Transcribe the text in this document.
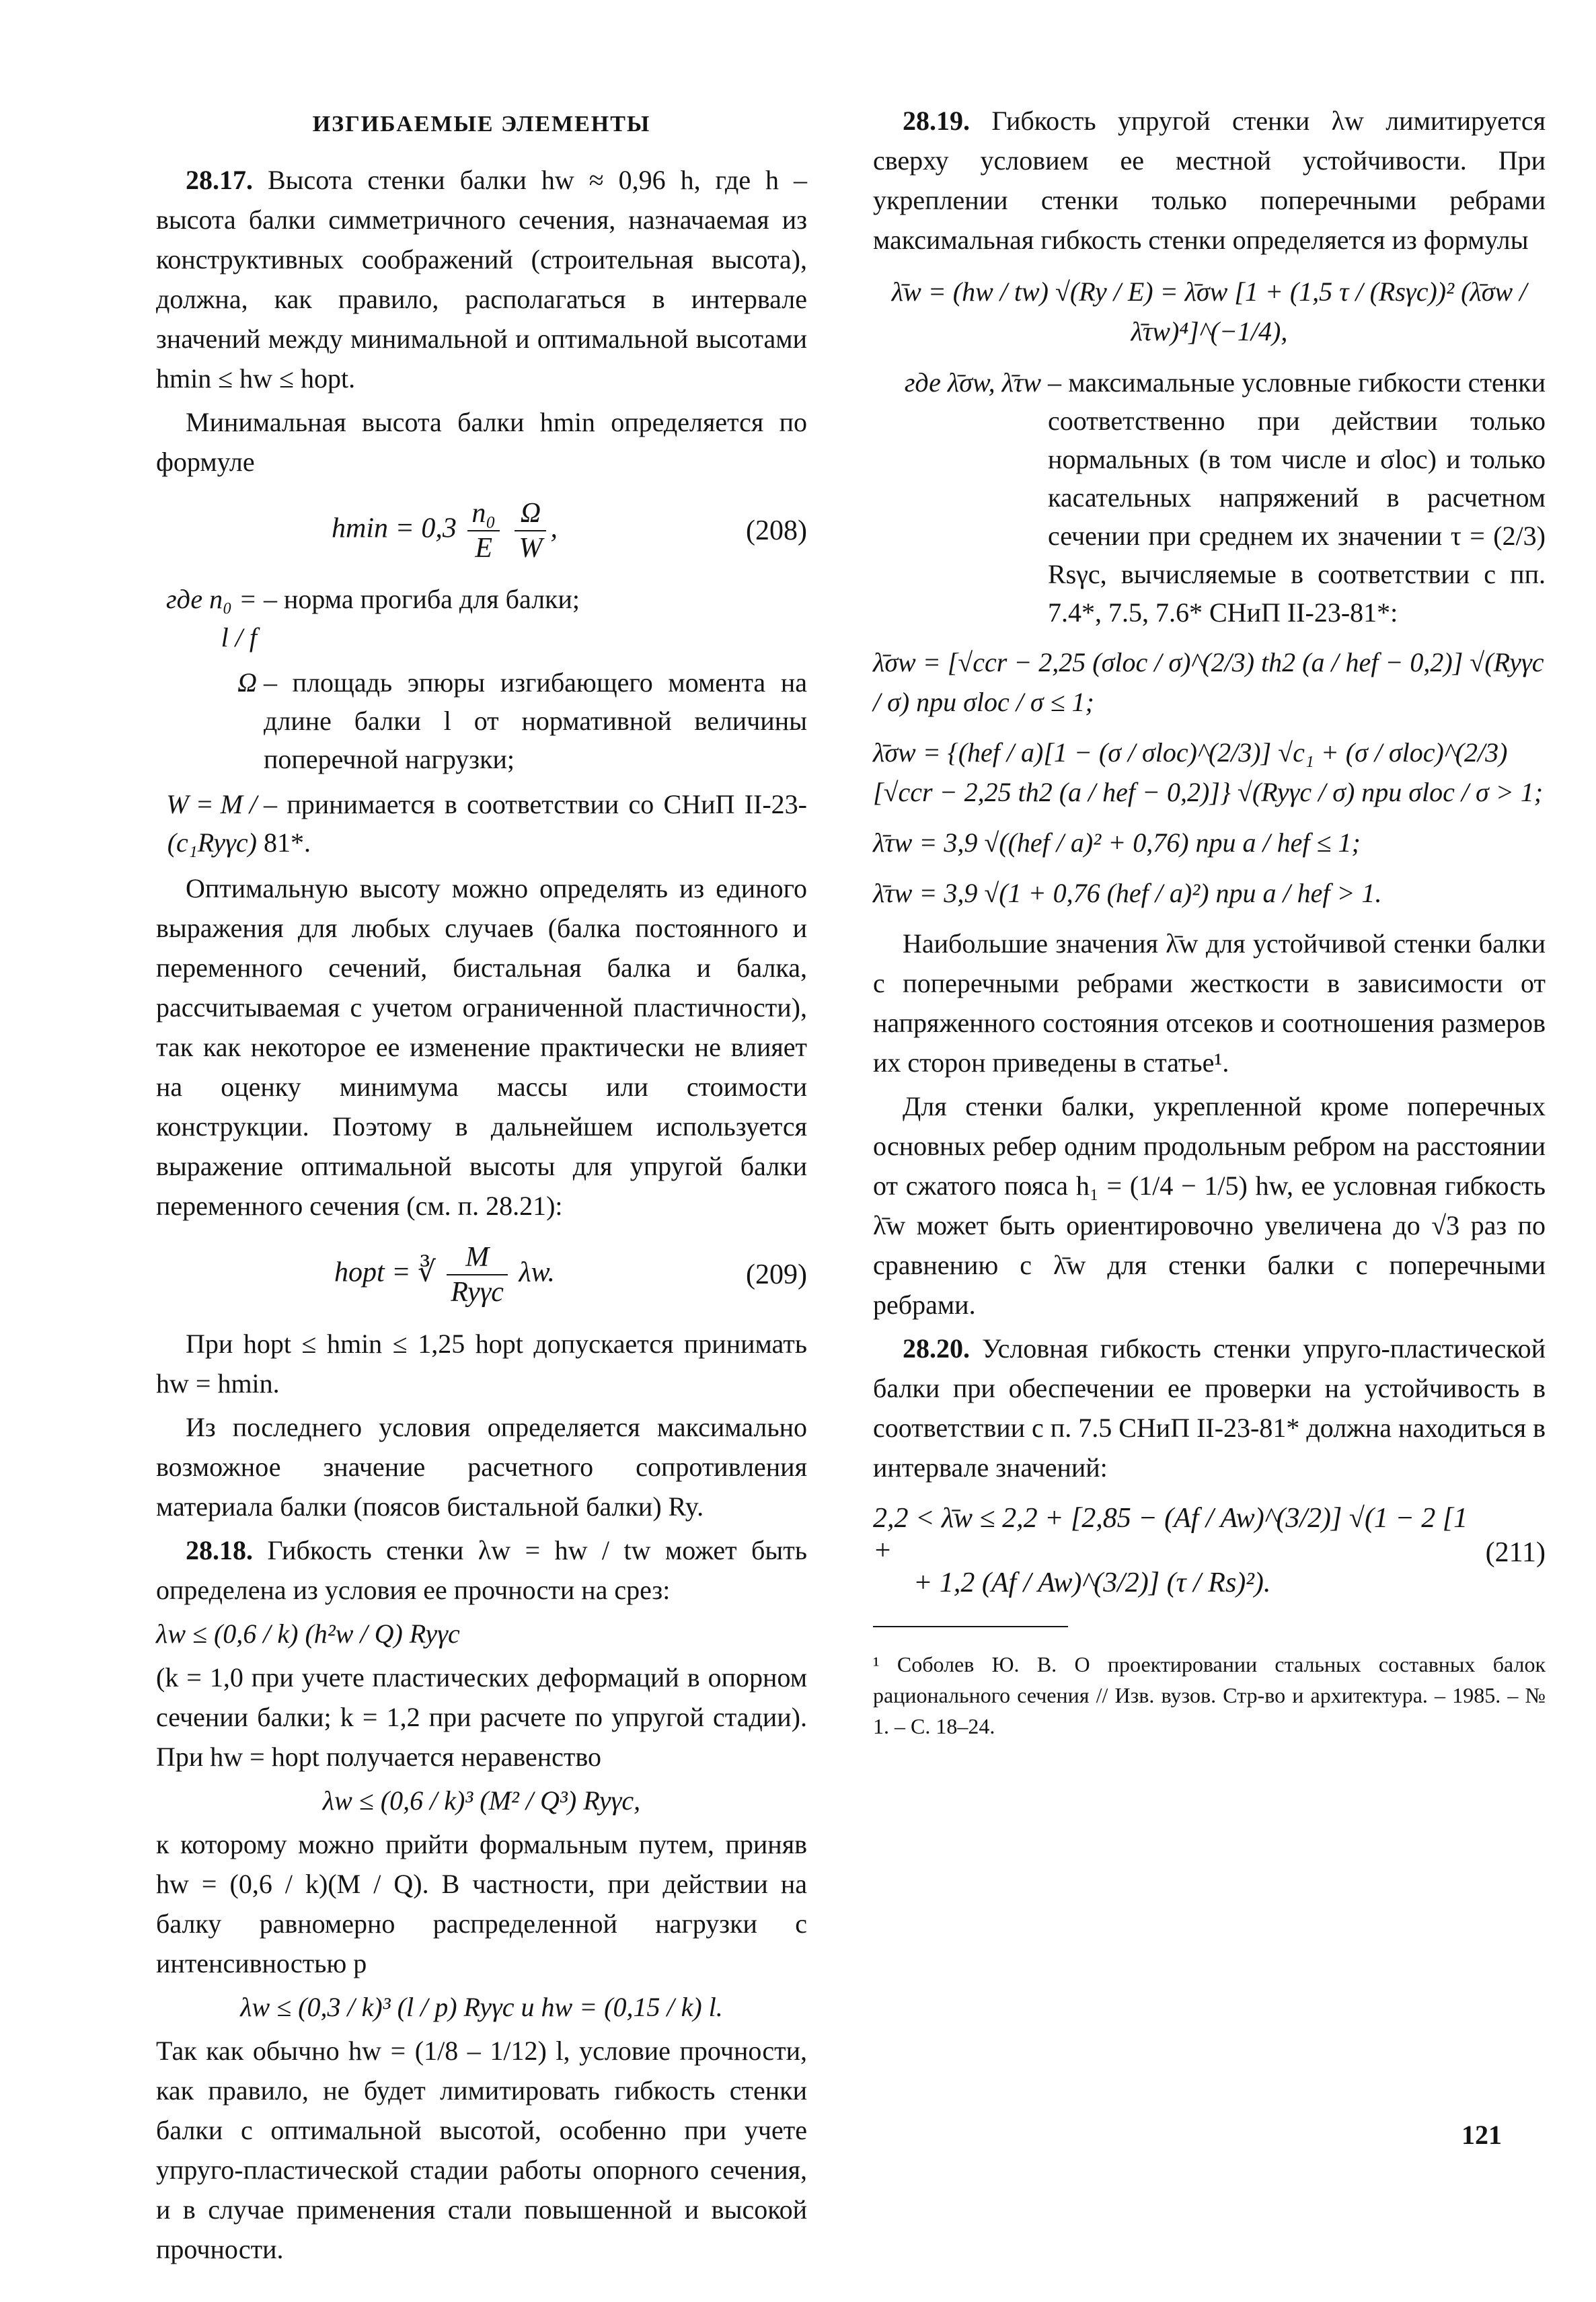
ИЗГИБАЕМЫЕ ЭЛЕМЕНТЫ

28.17. Высота стенки балки hw ≈ 0,96 h, где h – высота балки симметричного сечения, назначаемая из конструктивных соображений (строительная высота), должна, как правило, располагаться в интервале значений между минимальной и оптимальной высотами hmin ≤ hw ≤ hopt.

Минимальная высота балки hmin определяется по формуле

$hmin = 0,3 \frac{\text{n₀}}{E}$
$\frac{\Omega}{W}$ ,	(208)
где n₀ = l / f
– норма прогиба для балки;
Ω – площадь эпюры изгибающего момента на длине балки l от нормативной величины поперечной нагрузки;
W = M / (c₁Ryγc)
– принимается в соответствии со СНиП II-23-81*.

Оптимальную высоту можно определять из единого выражения для любых случаев (балка постоянного и переменного сечений, бистальная балка и балка, рассчитываемая с учетом ограниченной пластичности), так как некоторое ее изменение практически не влияет на оценку минимума массы или стоимости конструкции. Поэтому в дальнейшем используется выражение оптимальной высоты для упругой балки переменного сечения (см. п. 28.21):

hopt = ∛ $\frac{M}{\text{Ryγc}} \lambda w$.	(209)

При hopt ≤ hmin ≤ 1,25 hopt допускается принимать hw = hmin.

Из последнего условия определяется максимально возможное значение расчетного сопротивления материала балки (поясов бистальной балки) Ry.

28.18. Гибкость стенки λw = hw / tw может быть определена из условия ее прочности на срез:

λw ≤ (0,6 / k) (h²w / Q) Ryγc

(k = 1,0 при учете пластических деформаций в опорном сечении балки; k = 1,2 при расчете по упругой стадии). При hw = hopt получается неравенство

λw ≤ (0,6 / k)³ (M² / Q³) Ryγc,

к которому можно прийти формальным путем, приняв hw = (0,6 / k)(M / Q). В частности, при действии на балку равномерно распределенной нагрузки с интенсивностью p

λw ≤ (0,3 / k)³ (l / p) Ryγc и hw = (0,15 / k) l.

Так как обычно hw = (1/8 – 1/12) l, условие прочности, как правило, не будет лимитировать гибкость стенки балки с оптимальной высотой, особенно при учете упруго-пластической стадии работы опорного сечения, и в случае применения стали повышенной и высокой прочности.

28.19. Гибкость упругой стенки λw лимитируется сверху условием ее местной устойчивости. При укреплении стенки только поперечными ребрами максимальная гибкость стенки определяется из формулы

λ̄w = (hw / tw) √(Ry / E) = λ̄σw [1 + (1,5 τ / (Rsγc))² (λ̄σw / λ̄τw)⁴]^(−1/4),

где λ̄σw, λ̄τw – максимальные условные гибкости стенки соответственно при действии только нормальных (в том числе и σloc) и только касательных напряжений в расчетном сечении при среднем их значении τ = (2/3) Rsγc, вычисляемые в соответствии с пп. 7.4*, 7.5, 7.6* СНиП II-23-81*:

λ̄σw = [√ccr − 2,25 (σloc / σ)^(2/3) th2 (a / hef − 0,2)] √(Ryγc / σ) при σloc / σ ≤ 1;

λ̄σw = {(hef / a)[1 − (σ / σloc)^(2/3)] √c₁ + (σ / σloc)^(2/3) [√ccr − 2,25 th2 (a / hef − 0,2)]} √(Ryγc / σ) при σloc / σ > 1;

λ̄τw = 3,9 √((hef / a)² + 0,76) при a / hef ≤ 1;

λ̄τw = 3,9 √(1 + 0,76 (hef / a)²) при a / hef > 1.

Наибольшие значения λ̄w для устойчивой стенки балки с поперечными ребрами жесткости в зависимости от напряженного состояния отсеков и соотношения размеров их сторон приведены в статье¹.

Для стенки балки, укрепленной кроме поперечных основных ребер одним продольным ребром на расстоянии от сжатого пояса h₁ = (1/4 − 1/5) hw, ее условная гибкость λ̄w может быть ориентировочно увеличена до √3 раз по сравнению с λ̄w для стенки балки с поперечными ребрами.

28.20. Условная гибкость стенки упруго-пластической балки при обеспечении ее проверки на устойчивость в соответствии с п. 7.5 СНиП II-23-81* должна находиться в интервале значений:

2,2 < λ̄w ≤ 2,2 + [2,85 − (Af / Aw)^(3/2)] √(1 − 2 [1 +
+ 1,2 (Af / Aw)^(3/2)] (τ / Rs)²).
(211)

¹ Соболев Ю. В. О проектировании стальных составных балок рационального сечения // Изв. вузов. Стр-во и архитектура. – 1985. – № 1. – С. 18–24.

121
